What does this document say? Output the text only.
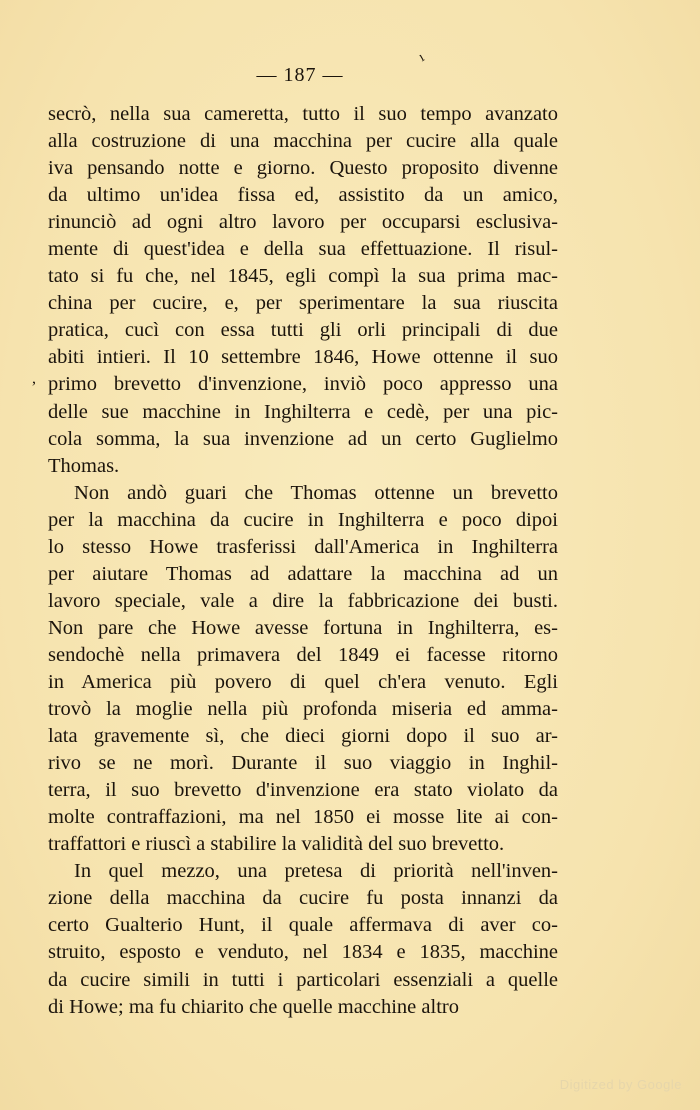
ı
— 187 —
,
secrò, nella sua cameretta, tutto il suo tempo avanzato
alla costruzione di una macchina per cucire alla quale
iva pensando notte e giorno. Questo proposito divenne
da ultimo un'idea fissa ed, assistito da un amico,
rinunciò ad ogni altro lavoro per occuparsi esclusiva-
mente di quest'idea e della sua effettuazione. Il risul-
tato si fu che, nel 1845, egli compì la sua prima mac-
china per cucire, e, per sperimentare la sua riuscita
pratica, cucì con essa tutti gli orli principali di due
abiti intieri. Il 10 settembre 1846, Howe ottenne il suo
primo brevetto d'invenzione, inviò poco appresso una
delle sue macchine in Inghilterra e cedè, per una pic-
cola somma, la sua invenzione ad un certo Guglielmo
Thomas.
Non andò guari che Thomas ottenne un brevetto
per la macchina da cucire in Inghilterra e poco dipoi
lo stesso Howe trasferissi dall'America in Inghilterra
per aiutare Thomas ad adattare la macchina ad un
lavoro speciale, vale a dire la fabbricazione dei busti.
Non pare che Howe avesse fortuna in Inghilterra, es-
sendochè nella primavera del 1849 ei facesse ritorno
in America più povero di quel ch'era venuto. Egli
trovò la moglie nella più profonda miseria ed amma-
lata gravemente sì, che dieci giorni dopo il suo ar-
rivo se ne morì. Durante il suo viaggio in Inghil-
terra, il suo brevetto d'invenzione era stato violato da
molte contraffazioni, ma nel 1850 ei mosse lite ai con-
traffattori e riuscì a stabilire la validità del suo brevetto.
In quel mezzo, una pretesa di priorità nell'inven-
zione della macchina da cucire fu posta innanzi da
certo Gualterio Hunt, il quale affermava di aver co-
struito, esposto e venduto, nel 1834 e 1835, macchine
da cucire simili in tutti i particolari essenziali a quelle
di Howe; ma fu chiarito che quelle macchine altro
Digitized by Google
